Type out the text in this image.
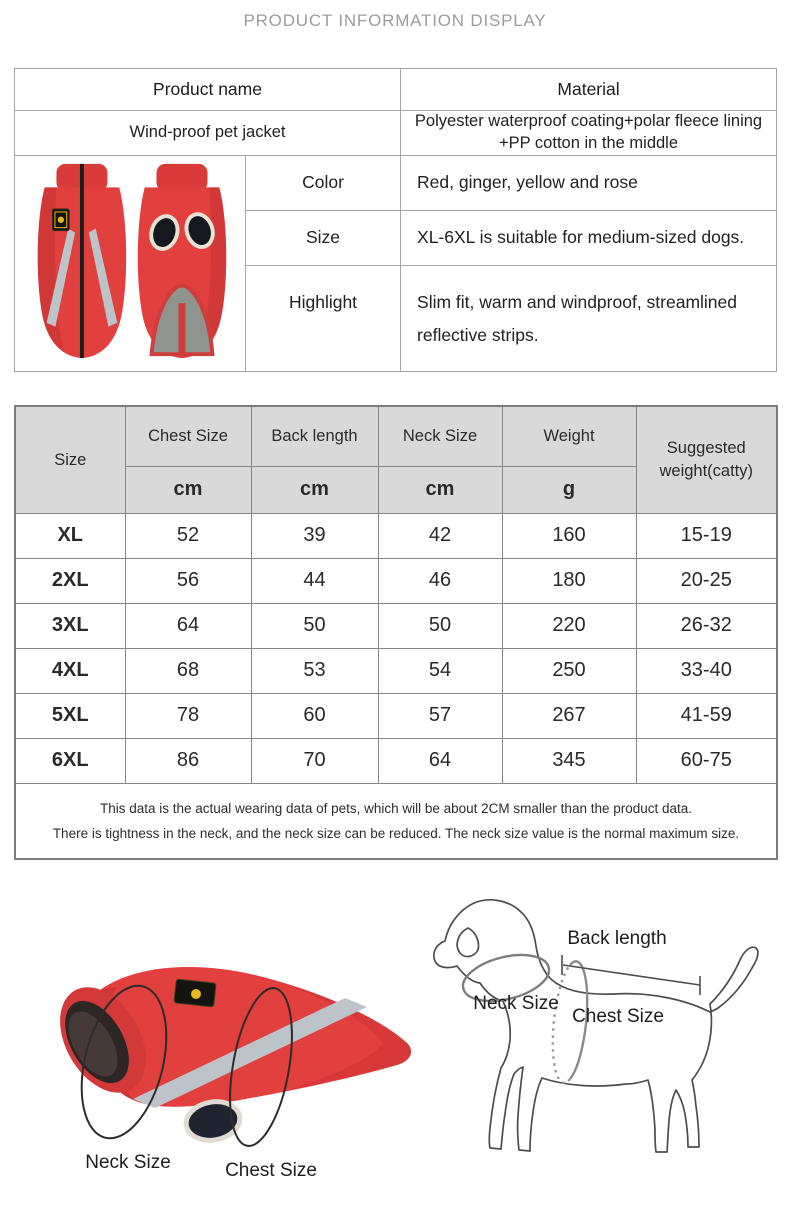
PRODUCT INFORMATION DISPLAY
Product name		Material
Wind-proof pet jacket		Polyester waterproof coating+polar fleece lining +PP cotton in the middle
	Color	Red, ginger, yellow and rose
	Size	XL-6XL is suitable for medium-sized dogs.
	Highlight	Slim fit, warm and windproof, streamlined reflective strips.
Size	Chest Size	Back length	Neck Size	Weight	Suggested weight(catty)
	cm	cm	cm	g	
XL	52	39	42	160	15-19
2XL	56	44	46	180	20-25
3XL	64	50	50	220	26-32
4XL	68	53	54	250	33-40
5XL	78	60	57	267	41-59
6XL	86	70	64	345	60-75

This data is the actual wearing data of pets, which will be about 2CM smaller than the product data.
There is tightness in the neck, and the neck size can be reduced. The neck size value is the normal maximum size.					
Back length
Neck Size
Chest Size
Neck Size	Chest Size
